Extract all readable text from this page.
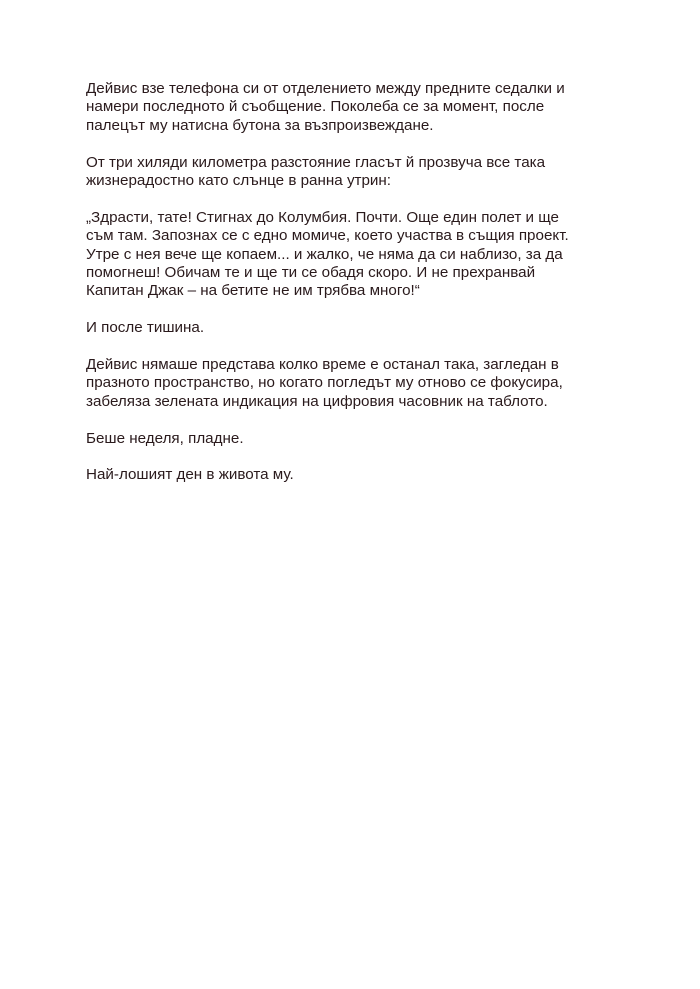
Дейвис взе телефона си от отделението между предните седалки и
намери последното й съобщение. Поколеба се за момент, после
палецът му натисна бутона за възпроизвеждане.

От три хиляди километра разстояние гласът й прозвуча все така
жизнерадостно като слънце в ранна утрин:

„Здрасти, тате! Стигнах до Колумбия. Почти. Още един полет и ще
съм там. Запознах се с едно момиче, което участва в същия проект.
Утре с нея вече ще копаем... и жалко, че няма да си наблизо, за да
помогнеш! Обичам те и ще ти се обадя скоро. И не прехранвай
Капитан Джак – на бетите не им трябва много!“

И после тишина.

Дейвис нямаше представа колко време е останал така, загледан в
празното пространство, но когато погледът му отново се фокусира,
забеляза зелената индикация на цифровия часовник на таблото.

Беше неделя, пладне.

Най-лошият ден в живота му.
